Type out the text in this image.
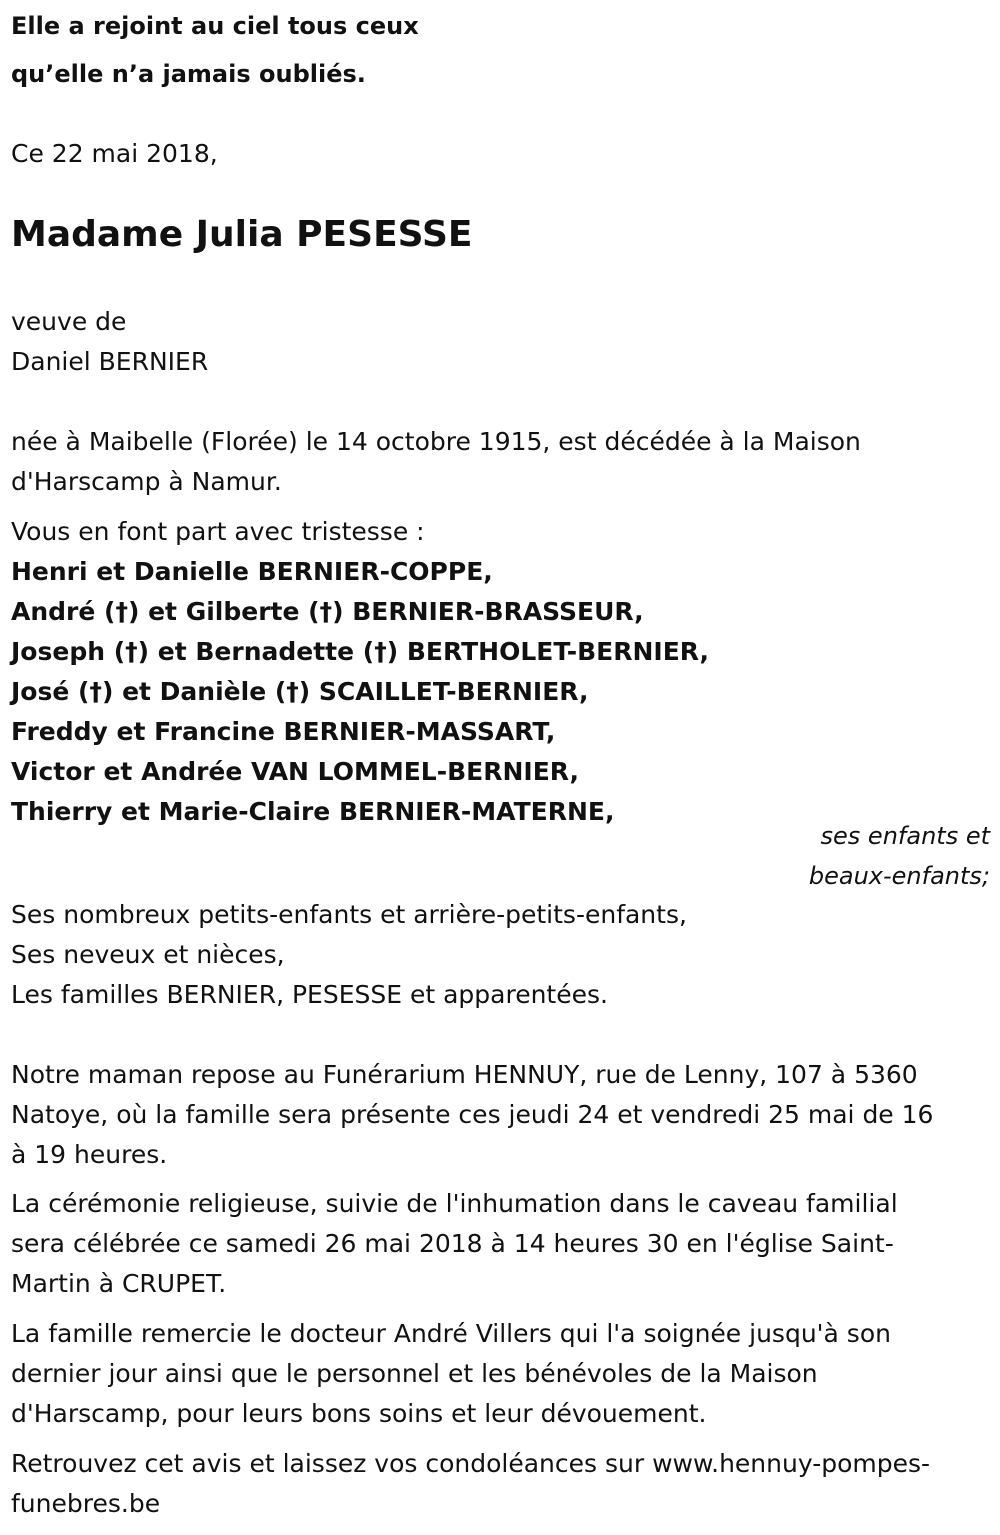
Elle a rejoint au ciel tous ceux
qu’elle n’a jamais oubliés.
Ce 22 mai 2018,
Madame Julia PESESSE
veuve de
Daniel BERNIER
née à Maibelle (Florée) le 14 octobre 1915, est décédée à la Maison
d'Harscamp à Namur.
Vous en font part avec tristesse :
Henri et Danielle BERNIER-COPPE,
André (†) et Gilberte (†) BERNIER-BRASSEUR,
Joseph (†) et Bernadette (†) BERTHOLET-BERNIER,
José (†) et Danièle (†) SCAILLET-BERNIER,
Freddy et Francine BERNIER-MASSART,
Victor et Andrée VAN LOMMEL-BERNIER,
Thierry et Marie-Claire BERNIER-MATERNE,
ses enfants et
beaux-enfants;
Ses nombreux petits-enfants et arrière-petits-enfants,
Ses neveux et nièces,
Les familles BERNIER, PESESSE et apparentées.
Notre maman repose au Funérarium HENNUY, rue de Lenny, 107 à 5360
Natoye, où la famille sera présente ces jeudi 24 et vendredi 25 mai de 16
à 19 heures.
La cérémonie religieuse, suivie de l'inhumation dans le caveau familial
sera célébrée ce samedi 26 mai 2018 à 14 heures 30 en l'église Saint-
Martin à CRUPET.
La famille remercie le docteur André Villers qui l'a soignée jusqu'à son
dernier jour ainsi que le personnel et les bénévoles de la Maison
d'Harscamp, pour leurs bons soins et leur dévouement.
Retrouvez cet avis et laissez vos condoléances sur www.hennuy-pompes-
funebres.be
